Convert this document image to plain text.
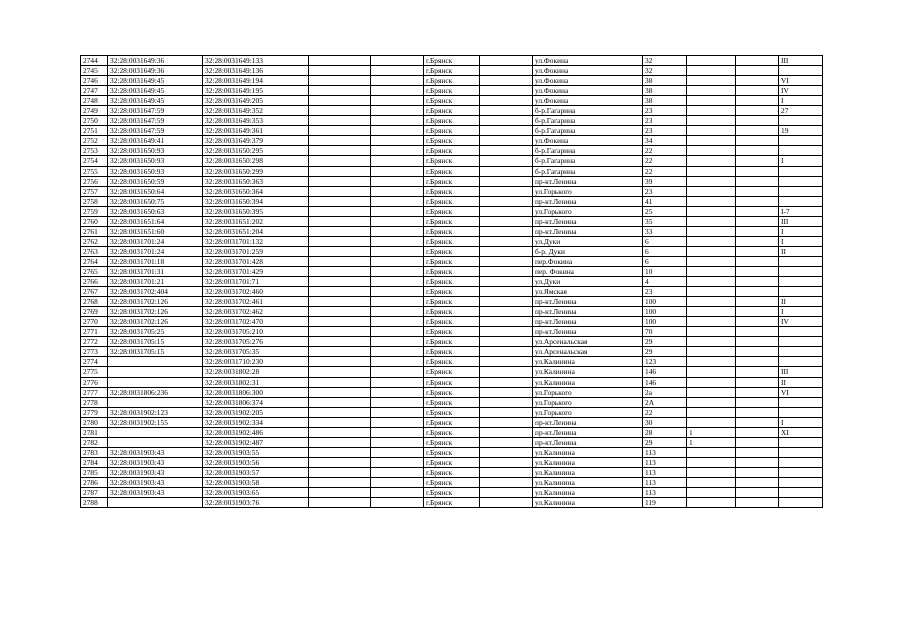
2744	32:28:0031649:36	32:28:0031649:133			г.Брянск		ул.Фокина	32			III
2745	32:28:0031649:36	32:28:0031649:136			г.Брянск		ул.Фокина	32			
2746	32:28:0031649:45	32:28:0031649:194			г.Брянск		ул.Фокина	38			VI
2747	32:28:0031649:45	32:28:0031649:195			г.Брянск		ул.Фокина	38			IV
2748	32:28:0031649:45	32:28:0031649:205			г.Брянск		ул.Фокина	38			I
2749	32:28:0031647:59	32:28:0031649:352			г.Брянск		б-р.Гагарина	23			27
2750	32:28:0031647:59	32:28:0031649:353			г.Брянск		б-р.Гагарина	23			
2751	32:28:0031647:59	32:28:0031649:361			г.Брянск		б-р.Гагарина	23			19
2752	32:28:0031649:41	32:28:0031649:379			г.Брянск		ул.Фокина	34			
2753	32:28:0031650:93	32:28:0031650:295			г.Брянск		б-р.Гагарина	22			
2754	32:28:0031650:93	32:28:0031650:298			г.Брянск		б-р.Гагарина	22			I
2755	32:28:0031650:93	32:28:0031650:299			г.Брянск		б-р.Гагарина	22			
2756	32:28:0031650:59	32:28:0031650:363			г.Брянск		пр-кт.Ленина	39			
2757	32:28:0031650:64	32:28:0031650:364			г.Брянск		ул.Горького	23			
2758	32:28:0031650:75	32:28:0031650:394			г.Брянск		пр-кт.Ленина	41			
2759	32:28:0031650:63	32:28:0031650:395			г.Брянск		ул.Горького	25			I-7
2760	32:28:0031651:64	32:28:0031651:202			г.Брянск		пр-кт.Ленина	35			III
2761	32:28:0031651:60	32:28:0031651:204			г.Брянск		пр-кт.Ленина	33			I
2762	32:28:0031701:24	32:28:0031701:132			г.Брянск		ул.Дуки	6			I
2763	32:28:0031701:24	32:28:0031701:259			г.Брянск		б-р. Дуки	6			II
2764	32:28:0031701:18	32:28:0031701:428			г.Брянск		пер.Фокина	6			
2765	32:28:0031701:31	32:28:0031701:429			г.Брянск		пер. Фокина	10			
2766	32:28:0031701:21	32:28:0031701:71			г.Брянск		ул.Дуки	4			
2767	32:28:0031702:404	32:28:0031702:460			г.Брянск		ул.Ямская	23			
2768	32:28:0031702:126	32:28:0031702:461			г.Брянск		пр-кт.Ленина	100			II
2769	32:28:0031702:126	32:28:0031702:462			г.Брянск		пр-кт.Ленина	100			I
2770	32:28:0031702:126	32:28:0031702:470			г.Брянск		пр-кт.Ленина	100			IV
2771	32:28:0031705:25	32:28:0031705:210			г.Брянск		пр-кт.Ленина	70			
2772	32:28:0031705:15	32:28:0031705:276			г.Брянск		ул.Арсенальская	29			
2773	32:28:0031705:15	32:28:0031705:35			г.Брянск		ул.Арсенальская	29			
2774		32:28:0031710:230			г.Брянск		ул.Калинина	123			
2775		32:28:0031802:28			г.Брянск		ул.Калинина	146			III
2776		32:28:0031802:31			г.Брянск		ул.Калинина	146			II
2777	32:28:0031806:236	32:28:0031806:300			г.Брянск		ул.Горького	2а			VI
2778		32:28:0031806:374			г.Брянск		ул.Горького	2А			
2779	32:28:0031902:123	32:28:0031902:205			г.Брянск		ул.Горького	22			
2780	32:28:0031902:155	32:28:0031902:334			г.Брянск		пр-кт.Ленина	30			I
2781		32:28:0031902:486			г.Брянск		пр-кт.Ленина	28	1		XI
2782		32:28:0031902:487			г.Брянск		пр-кт.Ленина	29	1		
2783	32:28:0031903:43	32:28:0031903:55			г.Брянск		ул.Калинина	113			
2784	32:28:0031903:43	32:28:0031903:56			г.Брянск		ул.Калинина	113			
2785	32:28:0031903:43	32:28:0031903:57			г.Брянск		ул.Калинина	113			
2786	32:28:0031903:43	32:28:0031903:58			г.Брянск		ул.Калинина	113			
2787	32:28:0031903:43	32:28:0031903:65			г.Брянск		ул.Калинина	113			
2788		32:28:0031903:76			г.Брянск		ул.Калинина	119			
